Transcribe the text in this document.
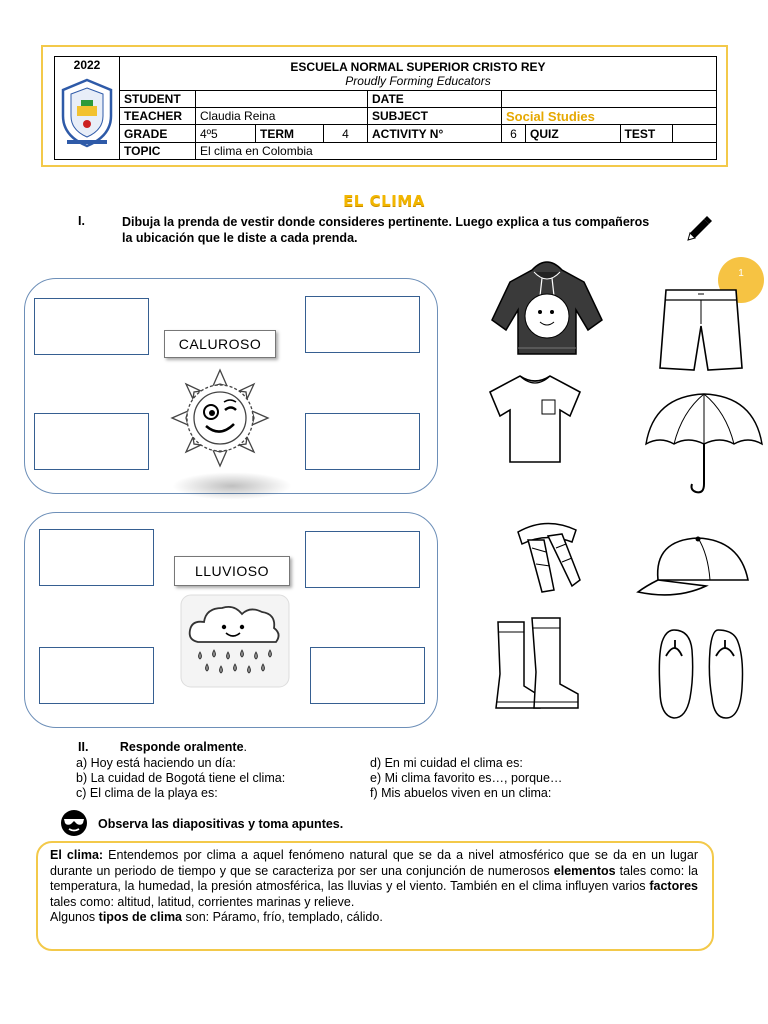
2022	ESCUELA NORMAL SUPERIOR CRISTO REY
Proudly Forming Educators

STUDENT		DATE	
TEACHER	Claudia Reina	SUBJECT	Social Studies
GRADE	4º5	TERM	4	ACTIVITY N°	6	QUIZ	TEST	

TOPIC	El clima en Colombia
EL CLIMA
I.	Dibuja la prenda de vestir donde consideres pertinente. Luego explica a tus compañeros la ubicación que le diste a cada prenda.
1
CALUROSO
LLUVIOSO
II.	Responde oralmente.
a) Hoy está haciendo un día:
b) La cuidad de Bogotá tiene el clima:
c) El clima de la playa es:
d) En mi cuidad el clima es:
e) Mi clima favorito es…, porque…
f) Mis abuelos viven en un clima:
Observa las diapositivas y toma apuntes.
El clima: Entendemos por clima a aquel fenómeno natural que se da a nivel atmosférico que se da en un lugar durante un periodo de tiempo y que se caracteriza por ser una conjunción de numerosos elementos tales como: la temperatura, la humedad, la presión atmosférica, las lluvias y el viento. También en el clima influyen varios factores tales como: altitud, latitud, corrientes marinas y relieve.
Algunos tipos de clima son: Páramo, frío, templado, cálido.
